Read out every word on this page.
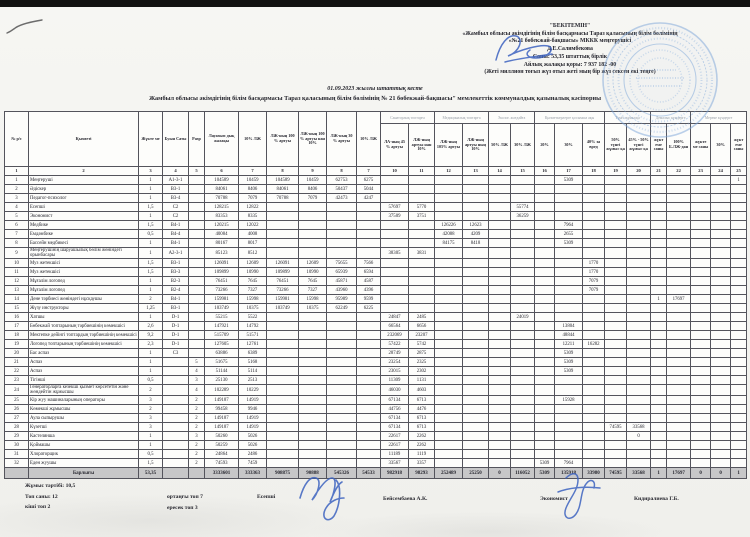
"БЕКІТЕМІН"
«Жамбыл облысы әкімдігінің білім басқармасы Тараз қаласының білім бөлімінің
«№21 бөбекжай-бақшасы» МККК меңгерушісі
Д.Е.Салимбекова
Саны: 53,35 штаттық бірлік
Айлық жалақы қоры: 7 937 182 -00
(Жеті миллион тоғыз жүз отыз жеті мың бір жүз сексен екі теңге)
01.09.2023 жылғы штаттық кесте
Жамбыл облысы әкімдігінің білім басқармасы Тараз қаласының білім бөлімінің № 21 бөбекжай-бақшасы" мемлекеттік коммуналдық қазыналық кәсіпорны
№ р/с	Қызметі	Жүкте ме	Буын Саты	Разр	Лауазым дық жалақы	10% ЛЖ	ЛЖ-ның 100 % артуы	ЛЖ-ның 100 % артуы нан 10%	ЛЖ-ның 30 % артуы	10% ЛЖ	Санаторлық топтарға		Медициналық топтарға		Эколог. жағдайға		Қызметкерлерге қосымша ақы			Түнгі жұмысқа		Демалыс күндерге		Мереке күндерге		
											ЛА-ның 45 % артуы	ЛЖ-ның артуы нан 10%	ЛЖ-ның 105% артуы	ЛЖ-ның артуы ның 10%	50% ЛЖ	30% ЛЖ	20%	30%	40% за вред	50% түнгі жұмыс қа	45% - 50% түнгі жұмыс қа	жүкт еме саны	100% Б.ЛЖ-дан	жүкте ме саны	30%	жүкт еме саны
1	2	3	4	5	6	7	8	9	8	7	10	11	12	13	14	15	16	17	18	19	20	21	22	23	24	25
1	Меңгеруші	1	А1-3-1		104589	10459	104589	10459	62753	6275								5309								1
2	Әдіскер	1	В3-1		84061	8406	84061	8406	50437	5044																
3	Педагог-психолог	1	В3-4		70788	7079	70788	7079	42473	4247																
4	Есепші	1,5	С2		128215	12822					57697	5770				55774										
5	Экономист	1	С2		83353	8335					37509	3751				36259										
6	Медбике	1,5	В4-1		120215	12022							126226	12623				7964								
7	Емдәмбике	0,5	В4-4		40084	4008							42088	4209				2655								
8	Бассейн медбикесі	1	В4-1		80167	8017							84175	8418				5309								
9	Меңгерушінің шаруашылық бөлім жөніндегі орынбасары	1	А2-3-1		85123	8512					38305	3831														
10	Муз жетекшісі	1,5	В3-1		126091	12609	126091	12609	75655	7566									1770							
11	Муз жетекшісі	1,5	В3-3		109899	10990	109899	10990	65939	6594									1770							
12	Мұғалім логопед	1	В2-3		76451	7645	76451	7645	45871	4587									7079							
13	Мұғалім логопед	1	В2-4		73266	7327	73266	7327	43960	4396									7079							
14	Дене тәрбиесі жөніндегі нұсқаушы	2	В4-1		159981	15998	159981	15998	95989	9599												1	17697			
15	Жүзу инструкторы	1,25	В3-1		103749	10375	103749	10375	62249	6225																
16	Хатшы	1	D-1		55215	5522					24847	2485				24019										
17	Бөбекжай топтарының тәрбиешінің көмекшісі	2,6	D-1		147921	14792					66564	6656						13804								
18	Мектепке дейінгі топтардың тәрбиешінің көмекшісі	9,2	D-1		515709	51571					232069	23207						48844								
19	Логопед топтарының тәрбиешінің көмекшісі	2,3	D-1		127605	12761					57422	5742						12211	16282							
20	Бас аспаз	1	С3		63886	6389					28749	2875						5309								
21	Аспаз	1		5	51675	5168					23254	2325						5309								
22	Аспаз	1		4	51144	5114					23015	2302						5309								
23	Тігінші	0,5		3	25130	2513					11309	1131														
24	Генераторларға кезекші қызмет көрсететін және жөндейтін жұмысшы	2		4	102289	10229					46030	4603														
25	Кір жуу машиналарының операторы	3		2	149187	14919					67134	6713						15928								
26	Көмекші жұмысшы	2		2	99458	9946					44756	4476														
27	Аула сыпырушы	3		2	149187	14919					67134	6713														
28	Күзетші	3		2	149187	14919					67134	6713								74595	33568					
29	Кастелянша	1		3	50260	5026					22617	2262									0					
30	Қоймашы	1		2	50259	5026					22617	2262														
31	Хлораторщик	0,5		2	24864	2486					11189	1119														
32	Еден жуушы	1,5		2	74593	7459					33567	3357					5309	7964								
	Барлығы	53,35			3333601	333363	908875	90888	545326	54533	982918	98293	252489	25250	0	116052	5309	135918	33980	74595	33568	1	17697	0	0	1
Жұмыс тәртібі: 10,5
Топ саны: 12
кіші топ 2
ортаңғы топ 7
ересек топ 3
Есепші	Бейсембаева А.К.	Экономист	Кидиралиева Г.Б.
